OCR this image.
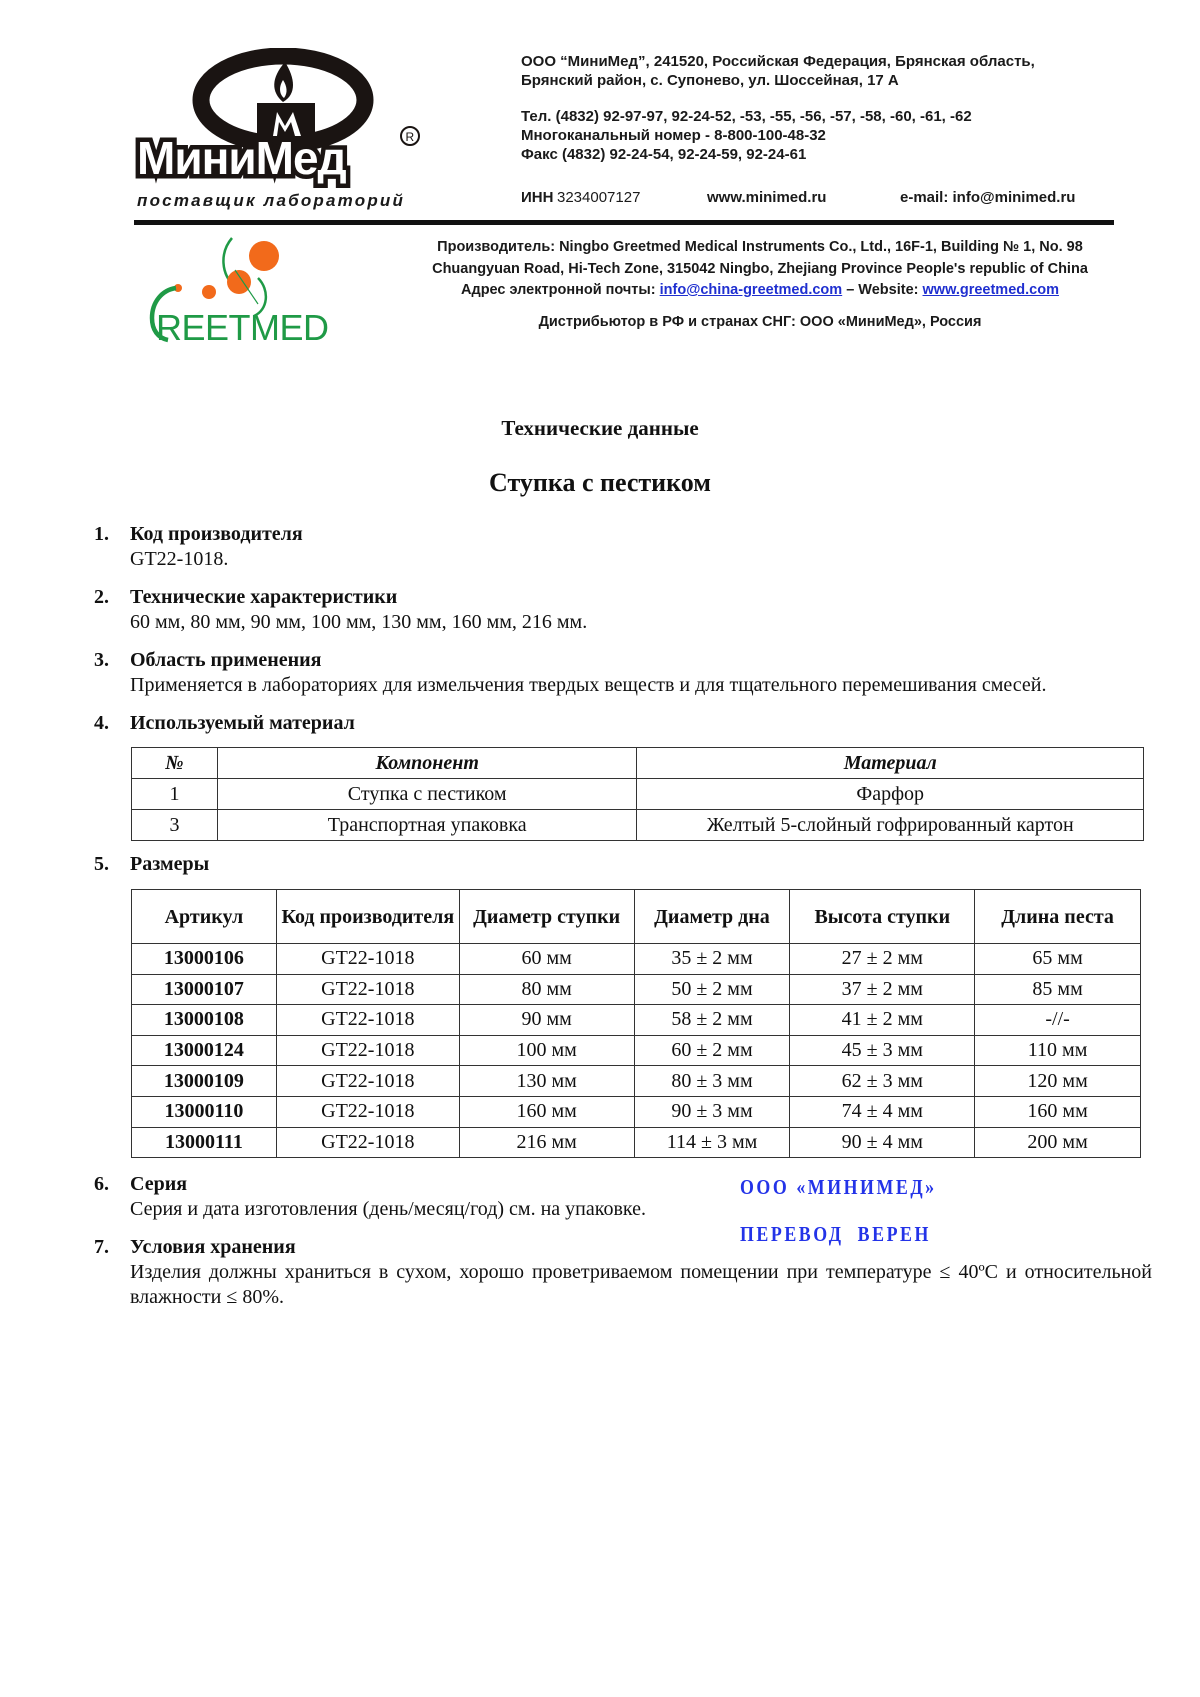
МиниМед	R
поставщик лабораторий

ООО “МиниМед”, 241520, Российская Федерация, Брянская область,

Брянский район, с. Супонево, ул. Шоссейная, 17 А

Тел. (4832) 92-97-97, 92-24-52, -53, -55, -56, -57, -58, -60, -61, -62

Многоканальный номер - 8-800-100-48-32

Факс (4832) 92-24-54, 92-24-59, 92-24-61

ИНН 3234007127	www.minimed.ru	e-mail: info@minimed.ru
REETMED

Производитель: Ningbo Greetmed Medical Instruments Co., Ltd., 16F-1, Building № 1, No. 98

Chuangyuan Road, Hi-Tech Zone, 315042 Ningbo, Zhejiang Province People's republic of China

Адрес электронной почты: info@china-greetmed.com – Website: www.greetmed.com

Дистрибьютор в РФ и странах СНГ: ООО «МиниМед», Россия
Технические данные
Ступка с пестиком
1. Код производителя
GT22-1018.
2. Технические характеристики
60 мм, 80 мм, 90 мм, 100 мм, 130 мм, 160 мм, 216 мм.
3. Область применения
Применяется в лабораториях для измельчения твердых веществ и для тщательного перемешивания смесей.
4. Используемый материал
№	Компонент	Материал
1	Ступка с пестиком	Фарфор
3	Транспортная упаковка	Желтый 5-слойный гофрированный картон
5. Размеры
Артикул	Код производителя	Диаметр ступки	Диаметр дна	Высота ступки	Длина песта
13000106	GT22-1018	60 мм	35 ± 2 мм	27 ± 2 мм	65 мм
13000107	GT22-1018	80 мм	50 ± 2 мм	37 ± 2 мм	85 мм
13000108	GT22-1018	90 мм	58 ± 2 мм	41 ± 2 мм	-//-
13000124	GT22-1018	100 мм	60 ± 2 мм	45 ± 3 мм	110 мм
13000109	GT22-1018	130 мм	80 ± 3 мм	62 ± 3 мм	120 мм
13000110	GT22-1018	160 мм	90 ± 3 мм	74 ± 4 мм	160 мм
13000111	GT22-1018	216 мм	114 ± 3 мм	90 ± 4 мм	200 мм
6. Серия
Серия и дата изготовления (день/месяц/год) см. на упаковке.
7. Условия хранения
Изделия должны храниться в сухом, хорошо проветриваемом помещении при температуре ≤ 40ºС и относительной влажности ≤ 80%.
ООО «МИНИМЕД»
ПЕРЕВОД  ВЕРЕН
